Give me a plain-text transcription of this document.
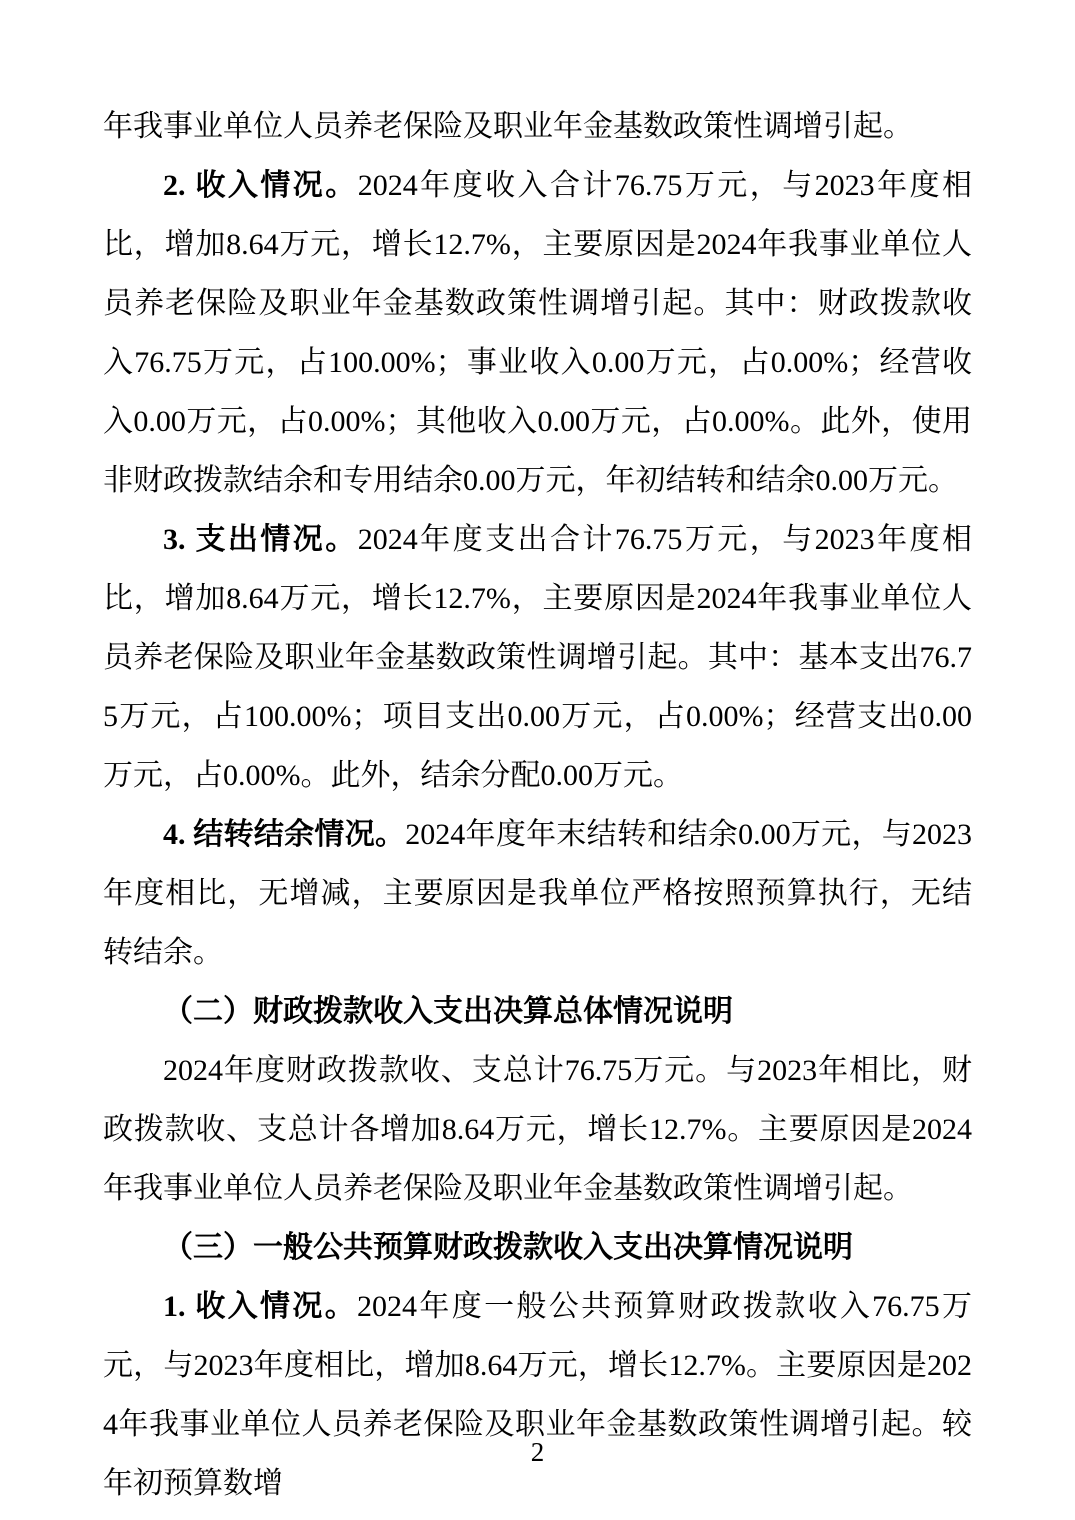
年我事业单位人员养老保险及职业年金基数政策性调增引起。

2. 收入情况。2024年度收入合计76.75万元，与2023年度相比，增加8.64万元，增长12.7%，主要原因是2024年我事业单位人员养老保险及职业年金基数政策性调增引起。其中：财政拨款收入76.75万元，占100.00%；事业收入0.00万元，占0.00%；经营收入0.00万元，占0.00%；其他收入0.00万元，占0.00%。此外，使用非财政拨款结余和专用结余0.00万元，年初结转和结余0.00万元。

3. 支出情况。2024年度支出合计76.75万元，与2023年度相比，增加8.64万元，增长12.7%，主要原因是2024年我事业单位人员养老保险及职业年金基数政策性调增引起。其中：基本支出76.75万元，占100.00%；项目支出0.00万元，占0.00%；经营支出0.00万元，占0.00%。此外，结余分配0.00万元。

4. 结转结余情况。2024年度年末结转和结余0.00万元，与2023年度相比，无增减，主要原因是我单位严格按照预算执行，无结转结余。

（二）财政拨款收入支出决算总体情况说明

2024年度财政拨款收、支总计76.75万元。与2023年相比，财政拨款收、支总计各增加8.64万元，增长12.7%。主要原因是2024年我事业单位人员养老保险及职业年金基数政策性调增引起。

（三）一般公共预算财政拨款收入支出决算情况说明

1. 收入情况。2024年度一般公共预算财政拨款收入76.75万元，与2023年度相比，增加8.64万元，增长12.7%。主要原因是2024年我事业单位人员养老保险及职业年金基数政策性调增引起。较年初预算数增

2
